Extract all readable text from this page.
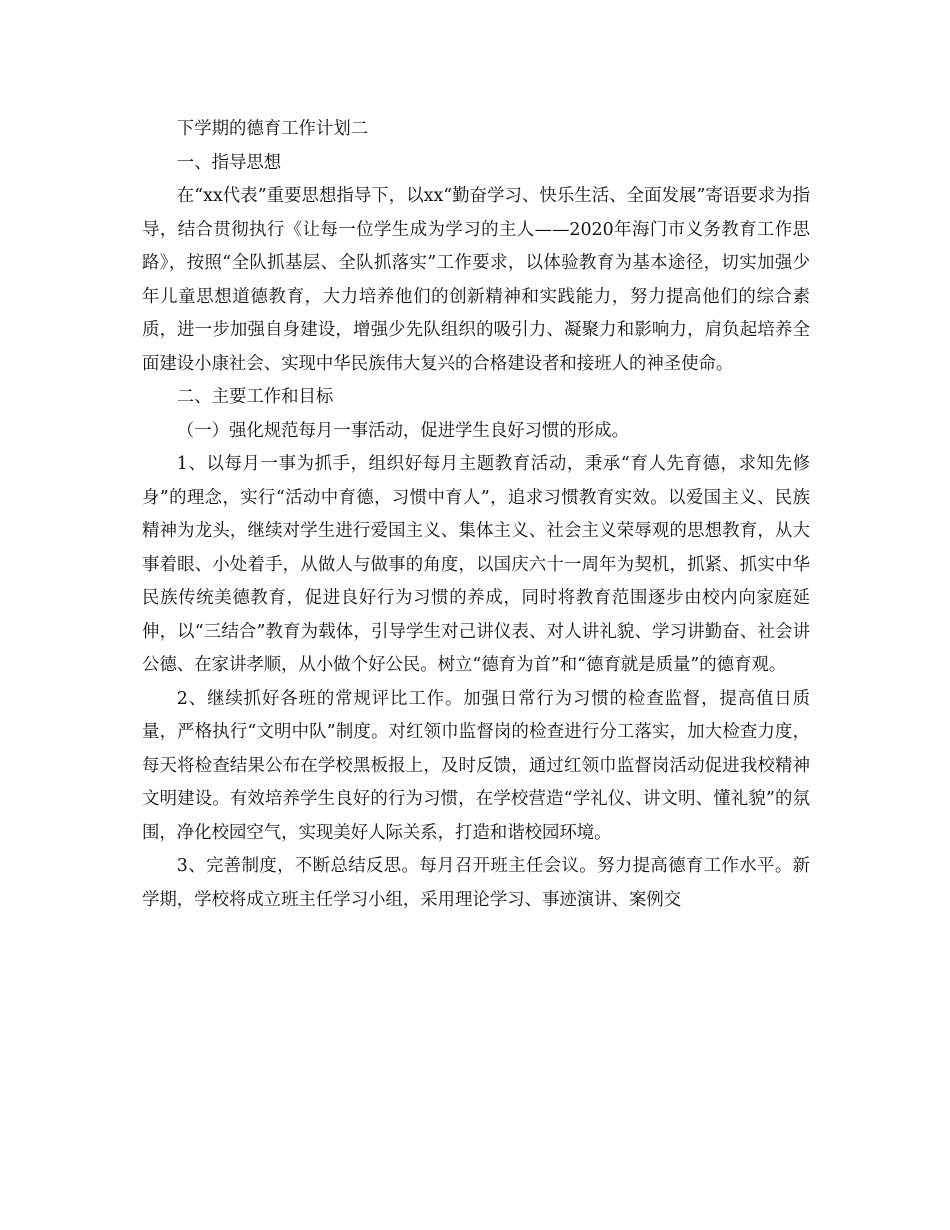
下学期的德育工作计划二

一、指导思想

在“xx代表”重要思想指导下，以xx“勤奋学习、快乐生活、全面发展”寄语要求为指导，结合贯彻执行《让每一位学生成为学习的主人——2020年海门市义务教育工作思路》，按照“全队抓基层、全队抓落实”工作要求，以体验教育为基本途径，切实加强少年儿童思想道德教育，大力培养他们的创新精神和实践能力，努力提高他们的综合素质，进一步加强自身建设，增强少先队组织的吸引力、凝聚力和影响力，肩负起培养全面建设小康社会、实现中华民族伟大复兴的合格建设者和接班人的神圣使命。

二、主要工作和目标

（一）强化规范每月一事活动，促进学生良好习惯的形成。

1、以每月一事为抓手，组织好每月主题教育活动，秉承“育人先育德，求知先修身”的理念，实行“活动中育德，习惯中育人”，追求习惯教育实效。以爱国主义、民族精神为龙头，继续对学生进行爱国主义、集体主义、社会主义荣辱观的思想教育，从大事着眼、小处着手，从做人与做事的角度，以国庆六十一周年为契机，抓紧、抓实中华民族传统美德教育，促进良好行为习惯的养成，同时将教育范围逐步由校内向家庭延伸，以“三结合”教育为载体，引导学生对己讲仪表、对人讲礼貌、学习讲勤奋、社会讲公德、在家讲孝顺，从小做个好公民。树立“德育为首”和“德育就是质量”的德育观。

2、继续抓好各班的常规评比工作。加强日常行为习惯的检查监督，提高值日质量，严格执行“文明中队”制度。对红领巾监督岗的检查进行分工落实，加大检查力度，每天将检查结果公布在学校黑板报上，及时反馈，通过红领巾监督岗活动促进我校精神文明建设。有效培养学生良好的行为习惯，在学校营造“学礼仪、讲文明、懂礼貌”的氛围，净化校园空气，实现美好人际关系，打造和谐校园环境。

3、完善制度，不断总结反思。每月召开班主任会议。努力提高德育工作水平。新学期，学校将成立班主任学习小组，采用理论学习、事迹演讲、案例交
